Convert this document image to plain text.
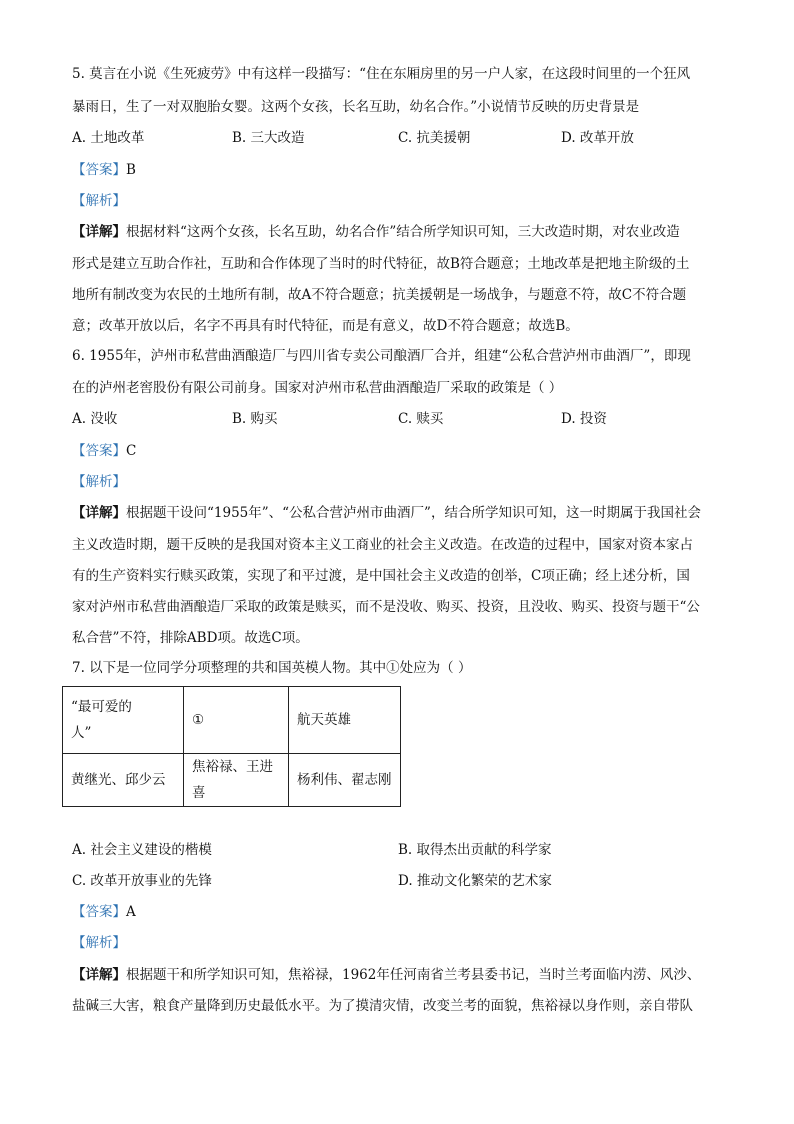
5. 莫言在小说《生死疲劳》中有这样一段描写：“住在东厢房里的另一户人家，在这段时间里的一个狂风
暴雨日，生了一对双胞胎女婴。这两个女孩，长名互助，幼名合作。”小说情节反映的历史背景是
A. 土地改革	B. 三大改造	C. 抗美援朝	D. 改革开放
【答案】B
【解析】
【详解】根据材料“这两个女孩，长名互助，幼名合作”结合所学知识可知，三大改造时期，对农业改造
形式是建立互助合作社，互助和合作体现了当时的时代特征，故B符合题意；土地改革是把地主阶级的土
地所有制改变为农民的土地所有制，故A不符合题意；抗美援朝是一场战争，与题意不符，故C不符合题
意；改革开放以后，名字不再具有时代特征，而是有意义，故D不符合题意；故选B。
6. 1955年，泸州市私营曲酒酿造厂与四川省专卖公司酿酒厂合并，组建“公私合营泸州市曲酒厂”，即现
在的泸州老窖股份有限公司前身。国家对泸州市私营曲酒酿造厂采取的政策是（ ）
A. 没收	B. 购买	C. 赎买	D. 投资
【答案】C
【解析】
【详解】根据题干设问“1955年”、“公私合营泸州市曲酒厂”，结合所学知识可知，这一时期属于我国社会
主义改造时期，题干反映的是我国对资本主义工商业的社会主义改造。在改造的过程中，国家对资本家占
有的生产资料实行赎买政策，实现了和平过渡，是中国社会主义改造的创举，C项正确；经上述分析，国
家对泸州市私营曲酒酿造厂采取的政策是赎买，而不是没收、购买、投资，且没收、购买、投资与题干“公
私合营”不符，排除ABD项。故选C项。
7. 以下是一位同学分项整理的共和国英模人物。其中①处应为（ ）
“最可爱的
人”	①	航天英雄
黄继光、邱少云	焦裕禄、王进喜	杨利伟、翟志刚
A. 社会主义建设的楷模	B. 取得杰出贡献的科学家
C. 改革开放事业的先锋	D. 推动文化繁荣的艺术家
【答案】A
【解析】
【详解】根据题干和所学知识可知，焦裕禄，1962年任河南省兰考县委书记，当时兰考面临内涝、风沙、
盐碱三大害，粮食产量降到历史最低水平。为了摸清灾情，改变兰考的面貌，焦裕禄以身作则，亲自带队
